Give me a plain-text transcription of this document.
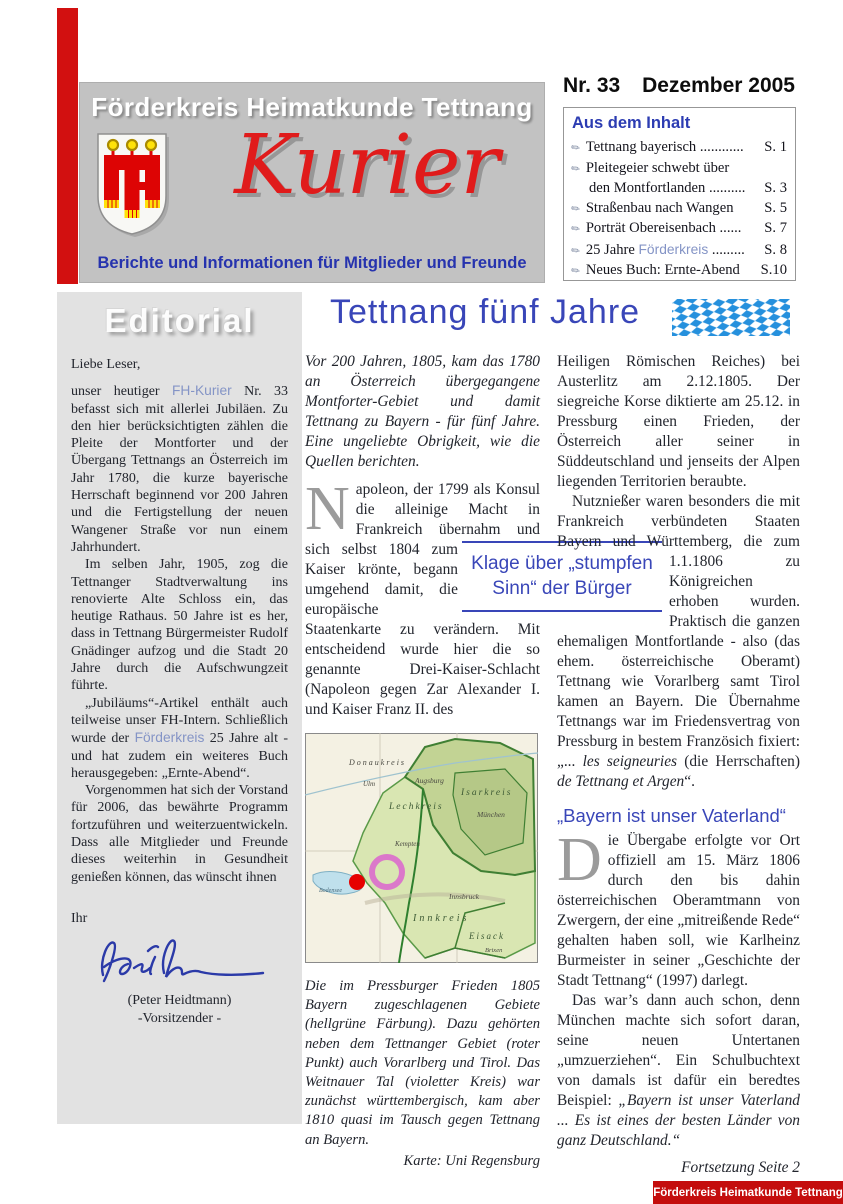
Förderkreis Heimatkunde Tettnang
Kurier
Berichte und Informationen für Mitglieder und Freunde
Nr. 33 Dezember 2005
Aus dem Inhalt
✎ Tettnang bayerisch ............	S. 1
✎ Pleitegeier schwebt über
den Montfortlanden ..........	S. 3
✎ Straßenbau nach Wangen	S. 5
✎ Porträt Obereisenbach ......	S. 7
✎ 25 Jahre Förderkreis .........	S. 8
✎ Neues Buch: Ernte-Abend	S.10
Editorial

Liebe Leser,

unser heutiger FH-Kurier Nr. 33 befasst sich mit allerlei Jubiläen. Zu den hier berücksichtigten zählen die Pleite der Montforter und der Übergang Tettnangs an Österreich im Jahr 1780, die kurze bayerische Herrschaft beginnend vor 200 Jahren und die Fertigstellung der neuen Wangener Straße vor nun einem Jahrhundert.

Im selben Jahr, 1905, zog die Tettnanger Stadtverwaltung ins renovierte Alte Schloss ein, das heutige Rathaus. 50 Jahre ist es her, dass in Tettnang Bürgermeister Rudolf Gnädinger aufzog und die Stadt 20 Jahre durch die Aufschwungzeit führte.

„Jubiläums“-Artikel enthält auch teilweise unser FH-Intern. Schließlich wurde der Förderkreis 25 Jahre alt - und hat zudem ein weiteres Buch herausgegeben: „Ernte-Abend“.

Vorgenommen hat sich der Vorstand für 2006, das bewährte Programm fortzuführen und weiterzuentwickeln. Dass alle Mitglieder und Freunde dieses weiterhin in Gesundheit genießen können, das wünscht ihnen

Ihr

(Peter Heidtmann)

-Vorsitzender -

Tettnang fünf Jahre
Klage über „stumpfen
Sinn“ der Bürger

Vor 200 Jahren, 1805, kam das 1780 an Österreich übergegangene Montforter-Gebiet und damit Tettnang zu Bayern - für fünf Jahre. Eine ungeliebte Obrigkeit, wie die Quellen berichten.

Napoleon, der 1799 als Konsul die alleinige Macht in Frankreich übernahm und
sich selbst 1804 zum Kaiser krönte, begann umgehend damit, die europäische Staatenkarte zu verändern. Mit entscheidend wurde hier die so genannte Drei-Kaiser-Schlacht (Napoleon gegen Zar Alexander I. und Kaiser Franz II. des

Donaukreis
Ulm	Augsburg
Lechkreis
Isarkreis
München
Kempten
Bodensee
Innsbruck
Innkreis
Eisack
Brixen

Die im Pressburger Frieden 1805 Bayern zugeschlagenen Gebiete (hellgrüne Färbung). Dazu gehörten neben dem Tettnanger Gebiet (roter Punkt) auch Vorarlberg und Tirol. Das Weitnauer Tal (violetter Kreis) war zunächst württembergisch, kam aber 1810 quasi im Tausch gegen Tettnang an Bayern.

Karte: Uni Regensburg

Heiligen Römischen Reiches) bei Austerlitz am 2.12.1805. Der siegreiche Korse diktierte am 25.12. in Pressburg einen Frieden, der Österreich aller seiner in Süddeutschland und jenseits der Alpen liegenden Territorien beraubte.

Nutznießer waren besonders die mit Frankreich verbündeten Staaten Bayern und Württemberg, die zum
1.1.1806 zu Königreichen erhoben wurden. Praktisch die ganzen ehemaligen Montfortlande - also (das ehem. österreichische Oberamt) Tettnang wie Vorarlberg samt Tirol kamen an Bayern. Die Übernahme Tettnangs war im Friedensvertrag von Pressburg in bestem Französich fixiert: „... les seigneuries (die Herrschaften) de Tettnang et Argen“.

„Bayern ist unser Vaterland“

Die Übergabe erfolgte vor Ort offiziell am 15. März 1806 durch den bis dahin österreichischen Oberamtmann von Zwergern, der eine „mitreißende Rede“ gehalten haben soll, wie Karlheinz Burmeister in seiner „Geschichte der Stadt Tettnang“ (1997) darlegt.

Das war’s dann auch schon, denn München machte sich sofort daran, seine neuen Untertanen „umzuerziehen“. Ein Schulbuchtext von damals ist dafür ein beredtes Beispiel: „Bayern ist unser Vaterland ... Es ist eines der besten Länder von ganz Deutschland.“

Fortsetzung Seite 2

Förderkreis Heimatkunde Tettnang
